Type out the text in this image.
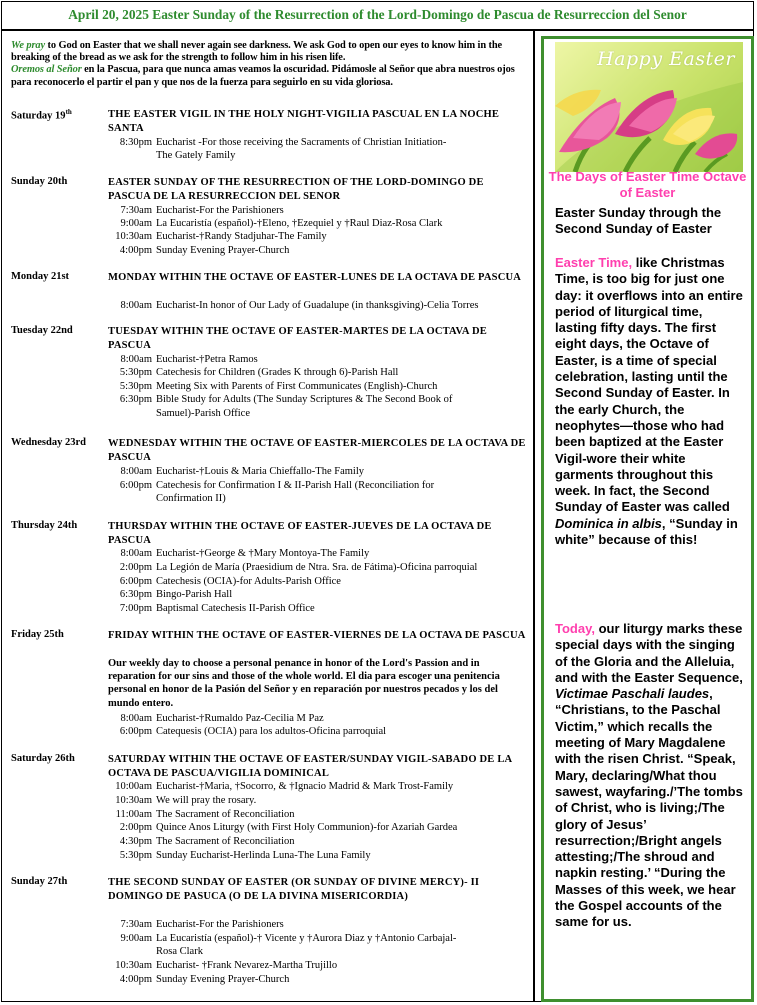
April 20, 2025 Easter Sunday of the Resurrection of the Lord-Domingo de Pascua de Resurreccion del Senor
We pray to God on Easter that we shall never again see darkness. We ask God to open our eyes to know him in the breaking of the bread as we ask for the strength to follow him in his risen life.
Oremos al Señor en la Pascua, para que nunca amas veamos la oscuridad. Pidámosle al Señor que abra nuestros ojos para reconocerlo el partir el pan y que nos de la fuerza para seguirlo en su vida gloriosa.
Saturday 19th	THE EASTER VIGIL IN THE HOLY NIGHT-VIGILIA PASCUAL EN LA NOCHE SANTA
8:30pm Eucharist -For those receiving the Sacraments of Christian Initiation-
The Gately Family
Sunday 20th	EASTER SUNDAY OF THE RESURRECTION OF THE LORD-DOMINGO DE PASCUA DE LA RESURRECCION DEL SENOR
7:30am Eucharist-For the Parishioners
9:00am La Eucaristía (español)-†Eleno, †Ezequiel y †Raul Diaz-Rosa Clark
10:30am Eucharist-†Randy Stadjuhar-The Family
4:00pm Sunday Evening Prayer-Church
Monday 21st	MONDAY WITHIN THE OCTAVE OF EASTER-LUNES DE LA OCTAVA DE PASCUA
8:00am Eucharist-In honor of Our Lady of Guadalupe (in thanksgiving)-Celia Torres
Tuesday 22nd	TUESDAY WITHIN THE OCTAVE OF EASTER-MARTES DE LA OCTAVA DE PASCUA
8:00am Eucharist-†Petra Ramos
5:30pm Catechesis for Children (Grades K through 6)-Parish Hall
5:30pm Meeting Six with Parents of First Communicates (English)-Church
6:30pm Bible Study for Adults (The Sunday Scriptures & The Second Book of
Samuel)-Parish Office
Wednesday 23rd WEDNESDAY WITHIN THE OCTAVE OF EASTER-MIERCOLES DE LA OCTAVA DE PASCUA
8:00am Eucharist-†Louis & Maria Chieffallo-The Family
6:00pm Catechesis for Confirmation I & II-Parish Hall (Reconciliation for
Confirmation II)
Thursday 24th	THURSDAY WITHIN THE OCTAVE OF EASTER-JUEVES DE LA OCTAVA DE PASCUA
8:00am Eucharist-†George & †Mary Montoya-The Family
2:00pm La Legión de María (Praesidium de Ntra. Sra. de Fátima)-Oficina parroquial
6:00pm Catechesis (OCIA)-for Adults-Parish Office
6:30pm Bingo-Parish Hall
7:00pm Baptismal Catechesis II-Parish Office
Friday 25th	FRIDAY WITHIN THE OCTAVE OF EASTER-VIERNES DE LA OCTAVA DE PASCUA
Our weekly day to choose a personal penance in honor of the Lord's Passion and in reparation for our sins and those of the whole world. El dia para escoger una penitencia personal en honor de la Pasión del Señor y en reparación por nuestros pecados y los del mundo entero.
8:00am Eucharist-†Rumaldo Paz-Cecilia M Paz
6:00pm Catequesis (OCIA) para los adultos-Oficina parroquial
Saturday 26th	SATURDAY WITHIN THE OCTAVE OF EASTER/SUNDAY VIGIL-SABADO DE LA OCTAVA DE PASCUA/VIGILIA DOMINICAL
10:00am Eucharist-†Maria, †Socorro, & †Ignacio Madrid & Mark Trost-Family
10:30am We will pray the rosary.
11:00am The Sacrament of Reconciliation
2:00pm Quince Anos Liturgy (with First Holy Communion)-for Azariah Gardea
4:30pm The Sacrament of Reconciliation
5:30pm Sunday Eucharist-Herlinda Luna-The Luna Family
Sunday 27th	THE SECOND SUNDAY OF EASTER (OR SUNDAY OF DIVINE MERCY)- II DOMINGO DE PASUCA (O DE LA DIVINA MISERICORDIA)
7:30am Eucharist-For the Parishioners
9:00am La Eucaristía (español)-† Vicente y †Aurora Diaz y †Antonio Carbajal-
Rosa Clark
10:30am Eucharist- †Frank Nevarez-Martha Trujillo
4:00pm Sunday Evening Prayer-Church
Happy Easter
The Days of Easter Time Octave of Easter
Easter Sunday through the Second Sunday of Easter
Easter Time, like Christmas Time, is too big for just one day: it overflows into an entire period of liturgical time, lasting fifty days. The first eight days, the Octave of Easter, is a time of special celebration, lasting until the Second Sunday of Easter. In the early Church, the neophytes—those who had been baptized at the Easter Vigil-wore their white garments throughout this week. In fact, the Second Sunday of Easter was called Dominica in albis, “Sunday in white” because of this!
Today, our liturgy marks these special days with the singing of the Gloria and the Alleluia, and with the Easter Sequence, Victimae Paschali laudes, “Christians, to the Paschal Victim,” which recalls the meeting of Mary Magdalene with the risen Christ. “Speak, Mary, declaring/What thou sawest, wayfaring./’The tombs of Christ, who is living;/The glory of Jesus’ resurrection;/Bright angels attesting;/The shroud and napkin resting.’ “During the Masses of this week, we hear the Gospel accounts of the same for us.
